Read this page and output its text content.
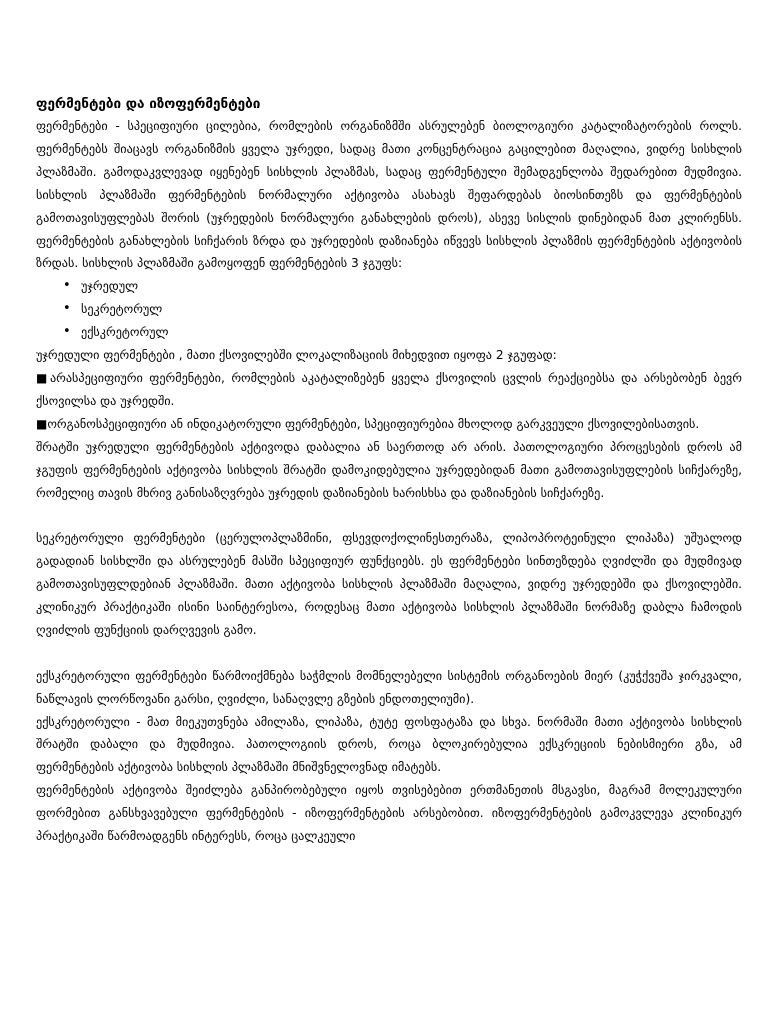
ფერმენტები და იზოფერმენტები

ფერმენტები - სპეციფიური ცილებია, რომლების ორგანიზმში ასრულებენ ბიოლოგიური კატალიზატორების როლს. ფერმენტებს შიაცავს ორგანიზმის ყველა უჯრედი, სადაც მათი კონცენტრაცია გაცილებით მაღალია, ვიდრე სისხლის პლაზმაში. გამოდაკვლევად იყენებენ სისხლის პლაზმას, სადაც ფერმენტული შემადგენლობა შედარებით მუდმივია. სისხლის პლაზმაში ფერმენტების ნორმალური აქტივობა ასახავს შეფარდებას ბიოსინთეზს და ფერმენტების გამოთავისუფლებას შორის (უჯრედების ნორმალური განახლების დროს), ასევე სისლის დინებიდან მათ კლირენსს. ფერმენტების განახლების სიჩქარის ზრდა და უჯრედების დაზიანება იწვევს სისხლის პლაზმის ფერმენტების აქტივობის ზრდას. სისხლის პლაზმაში გამოყოფენ ფერმენტების 3 ჯგუფს:

• უჯრედულ
• სეკრეტორულ
• ექსკრეტორულ

უჯრედული ფერმენტები , მათი ქსოვილებში ლოკალიზაციის მიხედვით იყოფა 2 ჯგუფად:

■არასპეციფიური ფერმენტები, რომლების აკატალიზებენ ყველა ქსოვილის ცვლის რეაქციებსა და არსებობენ ბევრ ქსოვილსა და უჯრედში.

■ორგანოსპეციფიური ან ინდიკატორული ფერმენტები, სპეციფიურებია მხოლოდ გარკვეული ქსოვილებისათვის.

შრატში უჯრედული ფერმენტების აქტივოდა დაბალია ან საერთოდ არ არის. პათოლოგიური პროცესების დროს ამ ჯგუფის ფერმენტების აქტივობა სისხლის შრატში დამოკიდებულია უჯრედებიდან მათი გამოთავისუფლების სიჩქარეზე, რომელიც თავის მხრივ განისაზღვრება უჯრედის დაზიანების ხარისხსა და დაზიანების სიჩქარეზე.

სეკრეტორული ფერმენტები (ცერულოპლაზმინი, ფსევდოქოლინესთერაზა, ლიპოპროტეინული ლიპაზა) უშუალოდ გადადიან სისხლში და ასრულებენ მასში სპეციფიურ ფუნქციებს. ეს ფერმენტები სინთეზდება ღვიძლში და მუდმივად გამოთავისუფლდებიან პლაზმაში. მათი აქტივობა სისხლის პლაზმაში მაღალია, ვიდრე უჯრედებში და ქსოვილებში. კლინიკურ პრაქტიკაში ისინი საინტერესოა, როდესაც მათი აქტივობა სისხლის პლაზმაში ნორმაზე დაბლა ჩამოდის ღვიძლის ფუნქციის დარღვევის გამო.

ექსკრეტორული ფერმენტები წარმოიქმნება საჭმლის მომნელებელი სისტემის ორგანოების მიერ (კუჭქვეშა ჯირკვალი, ნაწლავის ლორწოვანი გარსი, ღვიძლი, სანაღვლე გზების ენდოთელიუმი).

ექსკრეტორული - მათ მიეკუთვნება ამილაზა, ლიპაზა, ტუტე ფოსფატაზა და სხვა. ნორმაში მათი აქტივობა სისხლის შრატში დაბალი და მუდმივია. პათოლოგიის დროს, როცა ბლოკირებულია ექსკრეციის ნებისმიერი გზა, ამ ფერმენტების აქტივობა სისხლის პლაზმაში მნიშვნელოვნად იმატებს.

ფერმენტების აქტივობა შეიძლება განპირობებული იყოს თვისებებით ერთმანეთის მსგავსი, მაგრამ მოლეკულური ფორმებით განსხვავებული ფერმენტების - იზოფერმენტების არსებობით. იზოფერმენტების გამოკვლევა კლინიკურ პრაქტიკაში წარმოადგენს ინტერესს, როცა ცალკეული
